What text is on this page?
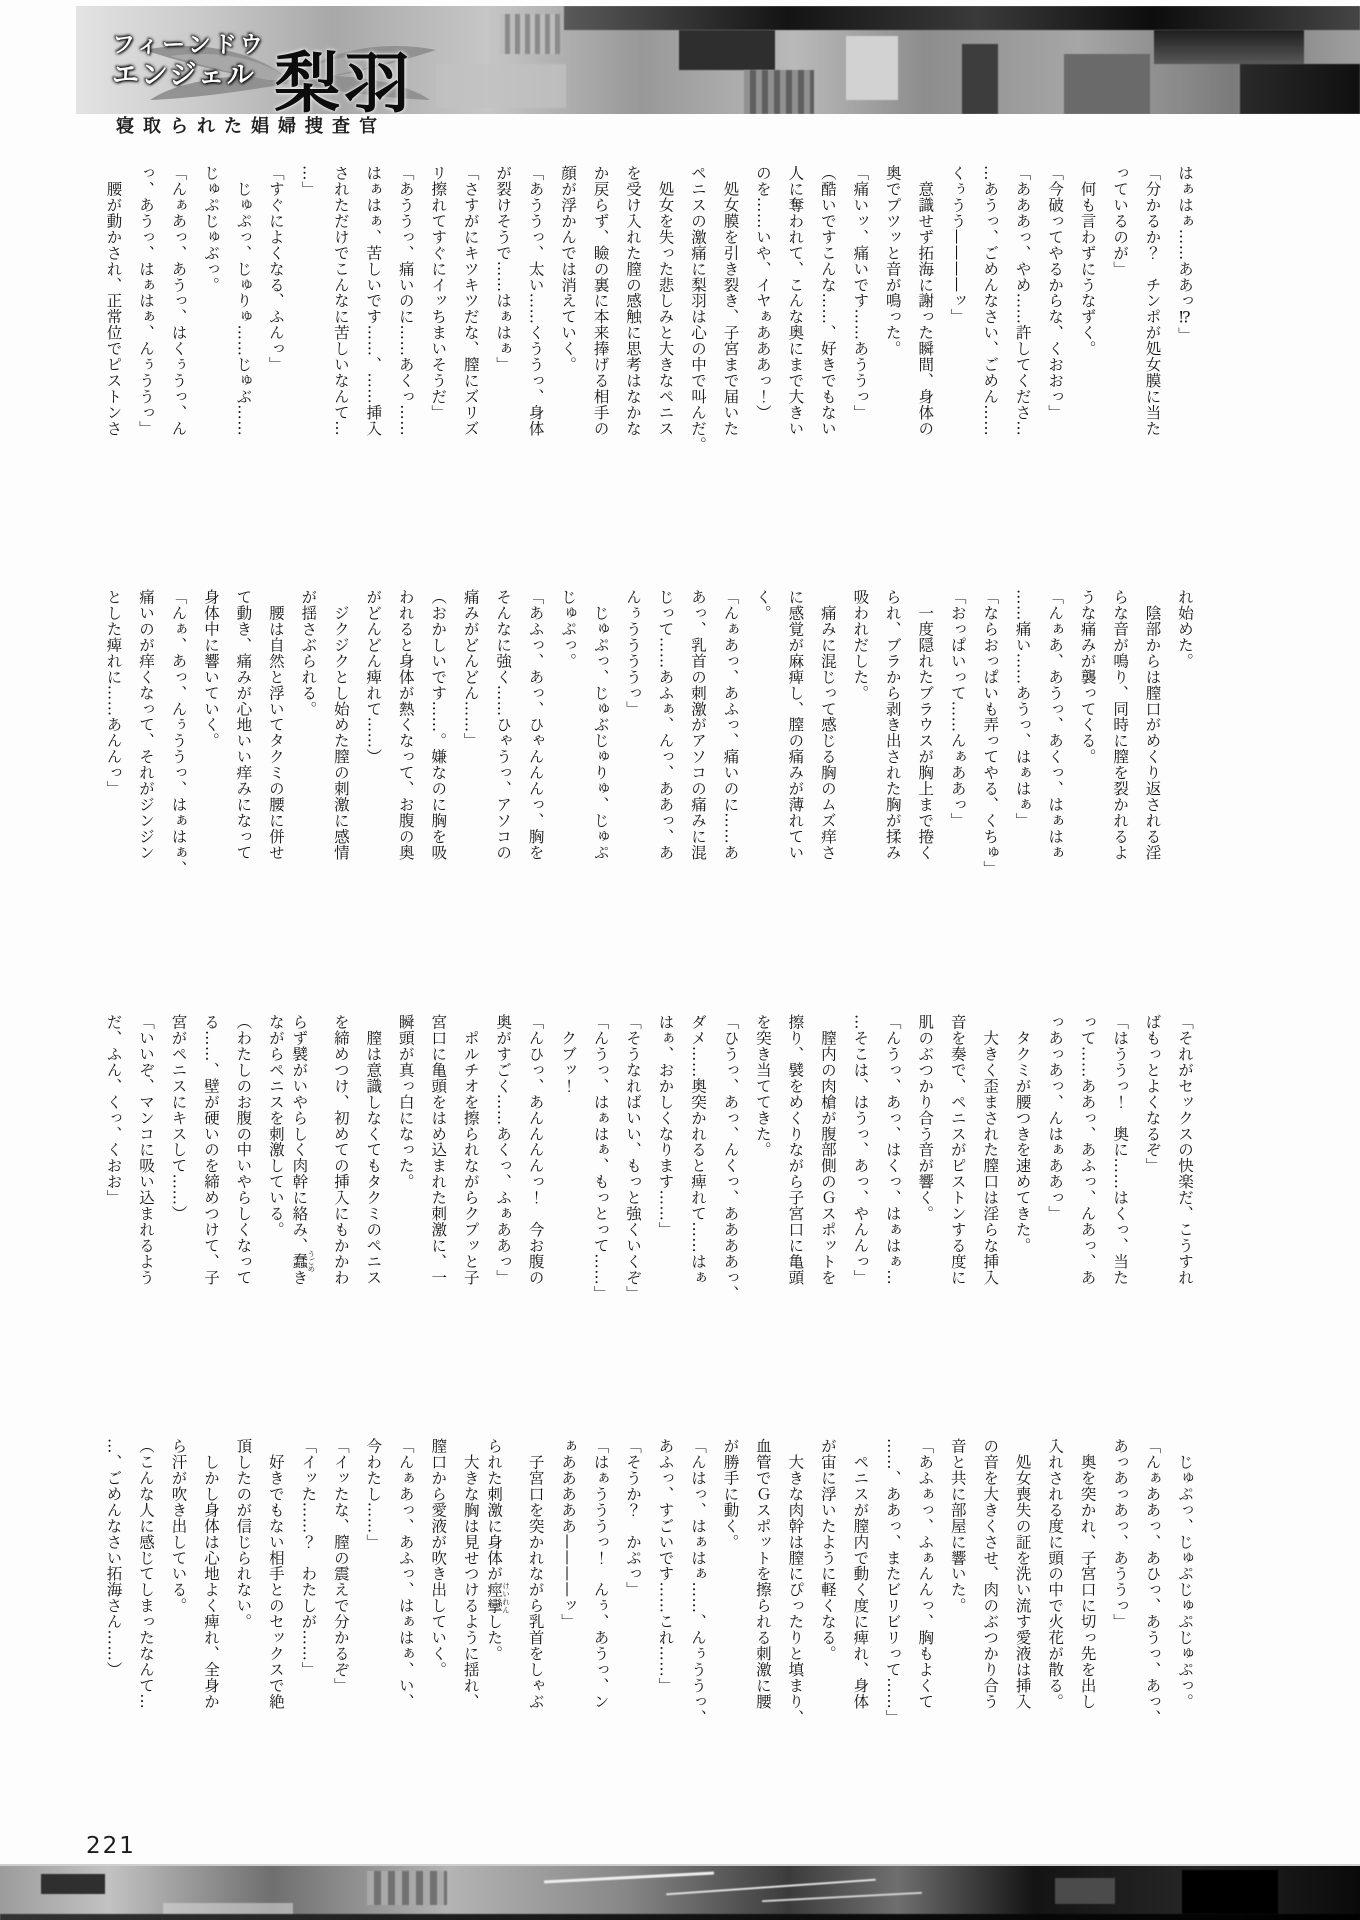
フィーンドウ
エンジェル 梨羽
寝取られた娼婦捜査官
はぁはぁ……ああっ⁉」
「分かるか？　チンポが処女膜に当た
っているのが」
　何も言わずにうなずく。
「今破ってやるからな、くおおっ」
「あああっ、やめ……許してくださ…
…あうっ、ごめんなさい、ごめん……
くぅうう————ッ」
　意識せず拓海に謝った瞬間、身体の
奥でプツッと音が鳴った。
「痛いッ、痛いです……あううっ」
（酷いですこんな……、好きでもない
人に奪われて、こんな奥にまで大きい
のを……いや、イヤぁあああっ！）
　処女膜を引き裂き、子宮まで届いた
ペニスの激痛に梨羽は心の中で叫んだ。
　処女を失った悲しみと大きなペニス
を受け入れた膣の感触に思考はなかな
か戻らず、瞼の裏に本来捧げる相手の
顔が浮かんでは消えていく。
「あううっ、太い……くううっ、身体
が裂けそうで……はぁはぁ」
「さすがにキツキツだな、膣にズリズ
リ擦れてすぐにイッちまいそうだ」
「あううっ、痛いのに……あくっ……
はぁはぁ、苦しいです……、……挿入
されただけでこんなに苦しいなんて…
…」
「すぐによくなる、ふんっ」
　じゅぷっ、じゅりゅ……じゅぶ……
じゅぷじゅぶっ。
「んぁあっ、あうっ、はくぅうっ、ん
っ、あうっ、はぁはぁ、んぅううっ」
　腰が動かされ、正常位でピストンさ
れ始めた。
　陰部からは膣口がめくり返される淫
らな音が鳴り、同時に膣を裂かれるよ
うな痛みが襲ってくる。
「んぁあ、あうっ、あくっ、はぁはぁ
……痛い……あうっ、はぁはぁ」
「ならおっぱいも弄ってやる、くちゅ」
「おっぱいって……んぁああっ」
　一度隠れたブラウスが胸上まで捲く
られ、ブラから剥き出された胸が揉み
吸われだした。
　痛みに混じって感じる胸のムズ痒さ
に感覚が麻痺し、膣の痛みが薄れてい
く。
「んぁあっ、あふっ、痛いのに……あ
あっ、乳首の刺激がアソコの痛みに混
じって……あふぁ、んっ、ああっ、あ
んぅううううっ」
　じゅぷっ、じゅぶじゅりゅ、じゅぷ
じゅぷっ。
「あふっ、あっ、ひゃんんんっ、胸を
そんなに強く……ひゃうっ、アソコの
痛みがどんどん……」
（おかしいです……。嫌なのに胸を吸
われると身体が熱くなって、お腹の奥
がどんどん痺れて……）
　ジクジクとし始めた膣の刺激に感情
が揺さぶられる。
　腰は自然と浮いてタクミの腰に併せ
て動き、痛みが心地いい痒みになって
身体中に響いていく。
「んぁ、あっ、んぅううっ、はぁはぁ、
痛いのが痒くなって、それがジンジン
とした痺れに……あんんっ」
「それがセックスの快楽だ、こうすれ
ばもっとよくなるぞ」
「はううっ！　奥に……はくっ、当た
って……ああっ、あふっ、んあっ、あ
っあっあっ、んはぁああっ」
　タクミが腰つきを速めてきた。
　大きく歪まされた膣口は淫らな挿入
音を奏で、ペニスがピストンする度に
肌のぶつかり合う音が響く。
「んうっ、あっ、はくっ、はぁはぁ…
…そこは、はうっ、あっ、やんんっ」
　膣内の肉槍が腹部側のＧスポットを
擦り、襞をめくりながら子宮口に亀頭
を突き当ててきた。
「ひうっ、あっ、んくっ、ああああっ、
ダメ……奥突かれると痺れて……はぁ
はぁ、おかしくなります……」
「そうなればいい、もっと強くいくぞ」
「んうっ、はぁはぁ、もっとって……」
　クブッ！
「んひっ、あんんんんっ！　今お腹の
奥がすごく……あくっ、ふぁああっ」
　ポルチオを擦られながらクプッと子
宮口に亀頭をはめ込まれた刺激に、一
瞬頭が真っ白になった。
　膣は意識しなくてもタクミのペニス
を締めつけ、初めての挿入にもかかわ
らず襞がいやらしく肉幹に絡み、蠢うごめき
ながらペニスを刺激している。
（わたしのお腹の中いやらしくなって
る……、壁が硬いのを締めつけて、子
宮がペニスにキスして……）
「いいぞ、マンコに吸い込まれるよう
だ、ふん、くっ、くおお」
　じゅぷっ、じゅぷじゅぷじゅぷっ。
「んぁああっ、あひっ、あうっ、あっ、
あっあっあっ、あううっ」
　奥を突かれ、子宮口に切っ先を出し
入れされる度に頭の中で火花が散る。
　処女喪失の証を洗い流す愛液は挿入
の音を大きくさせ、肉のぶつかり合う
音と共に部屋に響いた。
「あふぁっ、ふぁんんっ、胸もよくて
……、ああっ、またビリビリって……」
　ペニスが膣内で動く度に痺れ、身体
が宙に浮いたように軽くなる。
　大きな肉幹は膣にぴったりと填まり、
血管でＧスポットを擦られる刺激に腰
が勝手に動く。
「んはっ、はぁはぁ……、んぅううっ、
あふっ、すごいです……これ……」
「そうか？　かぷっ」
「はぁうううっ！　んぅ、あうっ、ン
ぁあああああ————ッ」
　子宮口を突かれながら乳首をしゃぶ
られた刺激に身体が痙攣けいれんした。
　大きな胸は見せつけるように揺れ、
膣口から愛液が吹き出していく。
「んぁあっ、あふっ、はぁはぁ、い、
今わたし……」
「イッたな、膣の震えで分かるぞ」
「イッた……？　わたしが……」
　好きでもない相手とのセックスで絶
頂したのが信じられない。
　しかし身体は心地よく痺れ、全身か
ら汗が吹き出している。
（こんな人に感じてしまったなんて…
…、ごめんなさい拓海さん……）
221
